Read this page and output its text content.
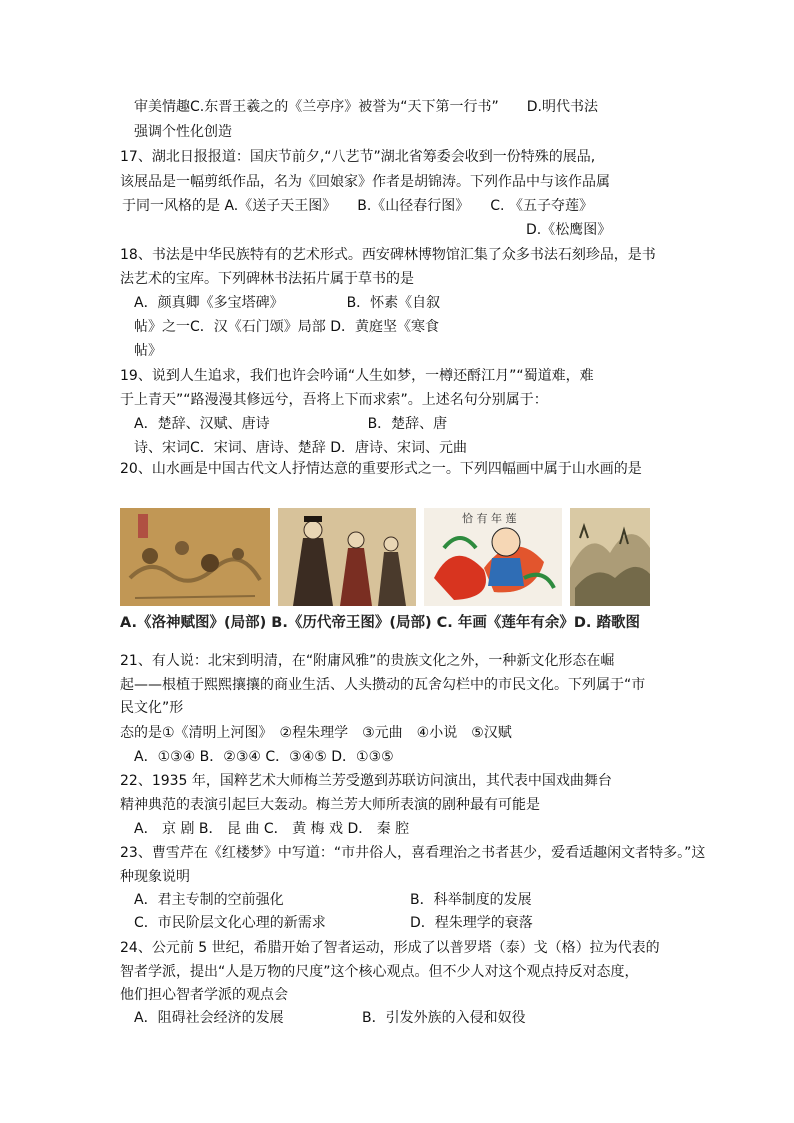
审美情趣C.东晋王羲之的《兰亭序》被誉为“天下第一行书”　　D.明代书法
强调个性化创造
17、湖北日报报道：国庆节前夕,“八艺节”湖北省筹委会收到一份特殊的展品,
该展品是一幅剪纸作品，名为《回娘家》作者是胡锦涛。下列作品中与该作品属
于同一风格的是 A.《送子天王图》　　B.《山径春行图》　　C. 《五子夺莲》
D.《松鹰图》
18、书法是中华民族特有的艺术形式。西安碑林博物馆汇集了众多书法石刻珍品，是书
法艺术的宝库。下列碑林书法拓片属于草书的是
A．颜真卿《多宝塔碑》　　　　　B．怀素《自叙
帖》之一C．汉《石门颂》局部 D．黄庭坚《寒食
帖》
19、说到人生追求，我们也许会吟诵“人生如梦，一樽还酹江月”“蜀道难，难
于上青天”“路漫漫其修远兮，吾将上下而求索”。上述名句分别属于：
A．楚辞、汉赋、唐诗　　　　　　　B．楚辞、唐
诗、宋词C．宋词、唐诗、楚辞 D．唐诗、宋词、元曲
20、山水画是中国古代文人抒情达意的重要形式之一。下列四幅画中属于山水画的是
恰 有 年 莲
A.《洛神赋图》(局部) B.《历代帝王图》(局部) C. 年画《莲年有余》D. 踏歌图
21、有人说：北宋到明清，在“附庸风雅”的贵族文化之外，一种新文化形态在崛
起——根植于熙熙攘攘的商业生活、人头攒动的瓦舍勾栏中的市民文化。下列属于“市
民文化”形
态的是①《清明上河图》　②程朱理学　③元曲　④小说　⑤汉赋
A．①③④ B．②③④ C．③④⑤ D．①③⑤
22、1935 年，国粹艺术大师梅兰芳受邀到苏联访问演出，其代表中国戏曲舞台
精神典范的表演引起巨大轰动。梅兰芳大师所表演的剧种最有可能是
A． 京 剧 B． 昆 曲 C． 黄 梅 戏 D． 秦 腔
23、曹雪芹在《红楼梦》中写道：“市井俗人，喜看理治之书者甚少，爱看适趣闲文者特多。”这
种现象说明
A．君主专制的空前强化	B．科举制度的发展
C．市民阶层文化心理的新需求	D．程朱理学的衰落
24、公元前 5 世纪，希腊开始了智者运动，形成了以普罗塔（泰）戈（格）拉为代表的
智者学派，提出“人是万物的尺度”这个核心观点。但不少人对这个观点持反对态度，
他们担心智者学派的观点会
A．阻碍社会经济的发展	B．引发外族的入侵和奴役
